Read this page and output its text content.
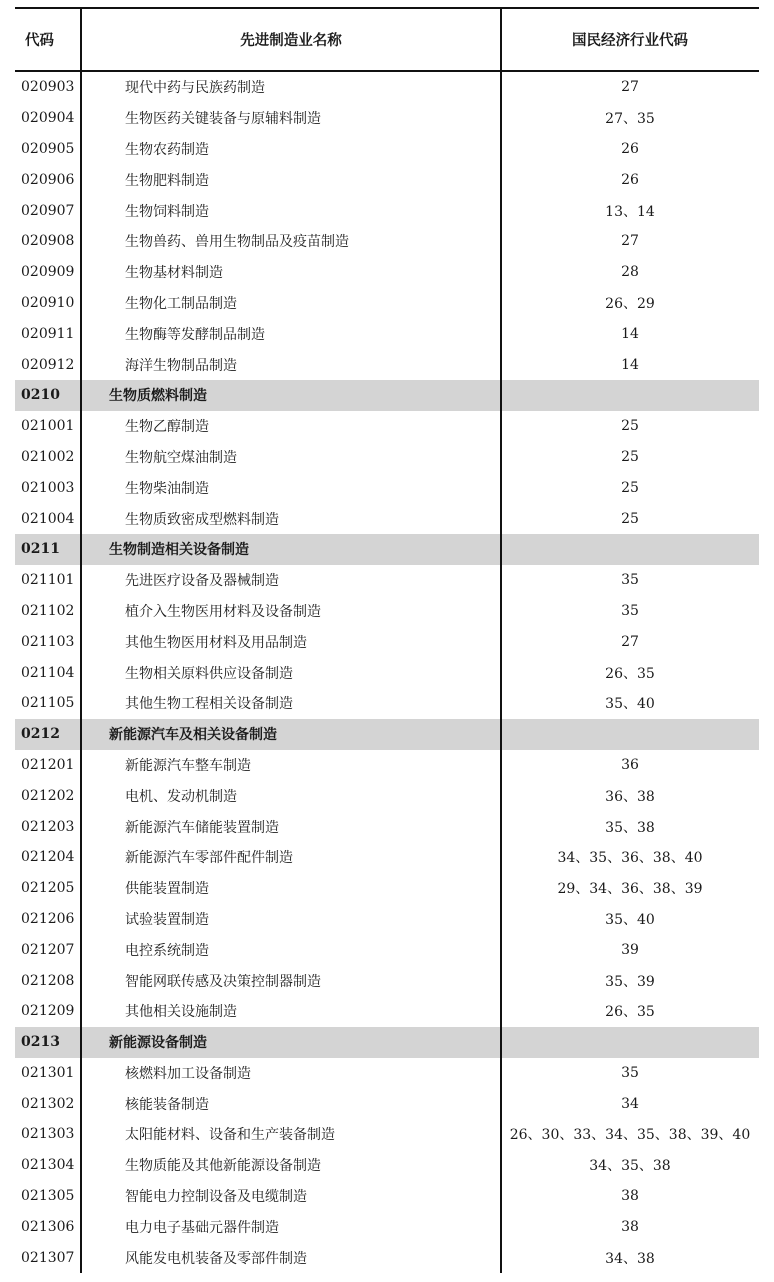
代码	先进制造业名称	国民经济行业代码
020903	现代中药与民族药制造	27
020904	生物医药关键装备与原辅料制造	27、35
020905	生物农药制造	26
020906	生物肥料制造	26
020907	生物饲料制造	13、14
020908	生物兽药、兽用生物制品及疫苗制造	27
020909	生物基材料制造	28
020910	生物化工制品制造	26、29
020911	生物酶等发酵制品制造	14
020912	海洋生物制品制造	14
0210	生物质燃料制造
021001	生物乙醇制造	25
021002	生物航空煤油制造	25
021003	生物柴油制造	25
021004	生物质致密成型燃料制造	25
0211	生物制造相关设备制造
021101	先进医疗设备及器械制造	35
021102	植介入生物医用材料及设备制造	35
021103	其他生物医用材料及用品制造	27
021104	生物相关原料供应设备制造	26、35
021105	其他生物工程相关设备制造	35、40
0212	新能源汽车及相关设备制造
021201	新能源汽车整车制造	36
021202	电机、发动机制造	36、38
021203	新能源汽车储能装置制造	35、38
021204	新能源汽车零部件配件制造	34、35、36、38、40
021205	供能装置制造	29、34、36、38、39
021206	试验装置制造	35、40
021207	电控系统制造	39
021208	智能网联传感及决策控制器制造	35、39
021209	其他相关设施制造	26、35
0213	新能源设备制造
021301	核燃料加工设备制造	35
021302	核能装备制造	34
021303	太阳能材料、设备和生产装备制造	26、30、33、34、35、38、39、40
021304	生物质能及其他新能源设备制造	34、35、38
021305	智能电力控制设备及电缆制造	38
021306	电力电子基础元器件制造	38
021307	风能发电机装备及零部件制造	34、38
